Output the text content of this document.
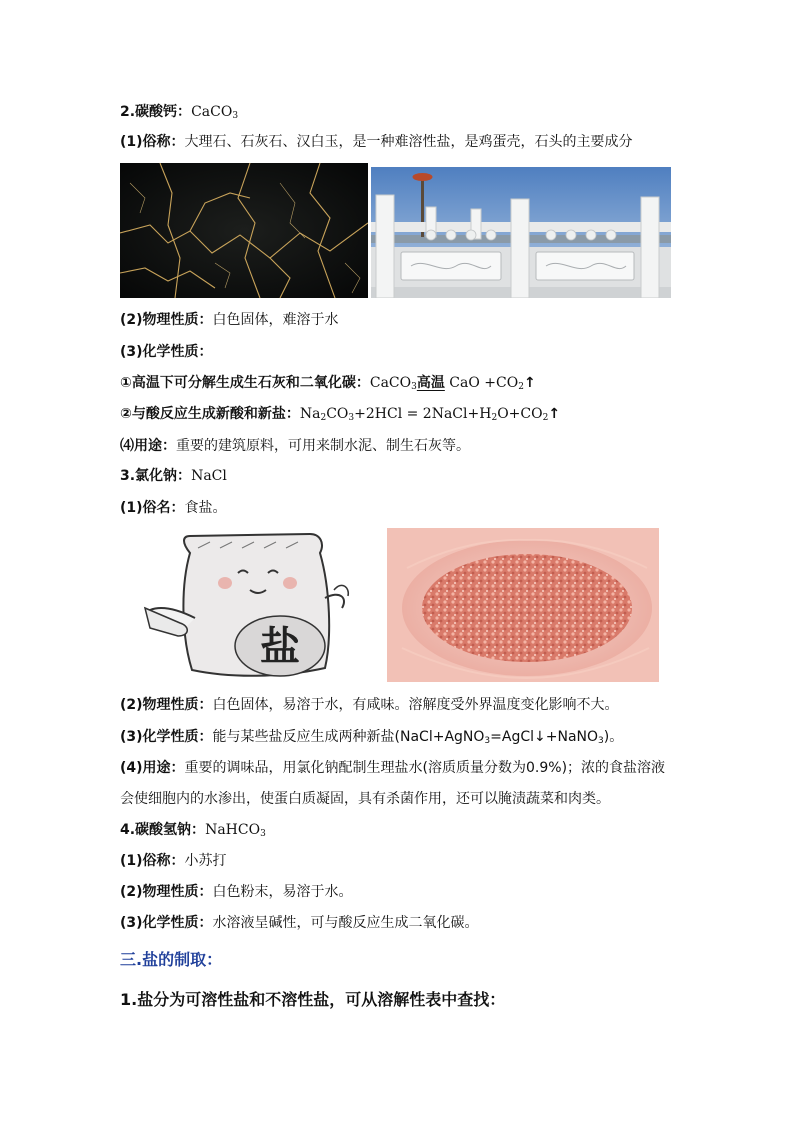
2.碳酸钙：CaCO$_3$
(1)俗称：大理石、石灰石、汉白玉，是一种难溶性盐，是鸡蛋壳，石头的主要成分
(2)物理性质：白色固体，难溶于水
(3)化学性质：
①高温下可分解生成生石灰和二氧化碳：CaCO$_3$高温 CaO $+CO_2↑$
②与酸反应生成新酸和新盐：$Na_2CO_3+2HCl$ = $2NaCl+H_2O+CO_2↑$
⑷用途：重要的建筑原料，可用来制水泥、制生石灰等。
3.氯化钠：NaCl
(1)俗名：食盐。
盐
(2)物理性质：白色固体，易溶于水，有咸味。溶解度受外界温度变化影响不大。
(3)化学性质：能与某些盐反应生成两种新盐(NaCl+AgNO$_3$=AgCl↓+NaNO$_3$)。
(4)用途：重要的调味品，用氯化钠配制生理盐水(溶质质量分数为0.9%)；浓的食盐溶液
会使细胞内的水渗出，使蛋白质凝固，具有杀菌作用，还可以腌渍蔬菜和肉类。
4.碳酸氢钠：NaHCO$_3$
(1)俗称：小苏打
(2)物理性质：白色粉末，易溶于水。
(3)化学性质：水溶液呈碱性，可与酸反应生成二氧化碳。
三.盐的制取：
1.盐分为可溶性盐和不溶性盐，可从溶解性表中查找：
